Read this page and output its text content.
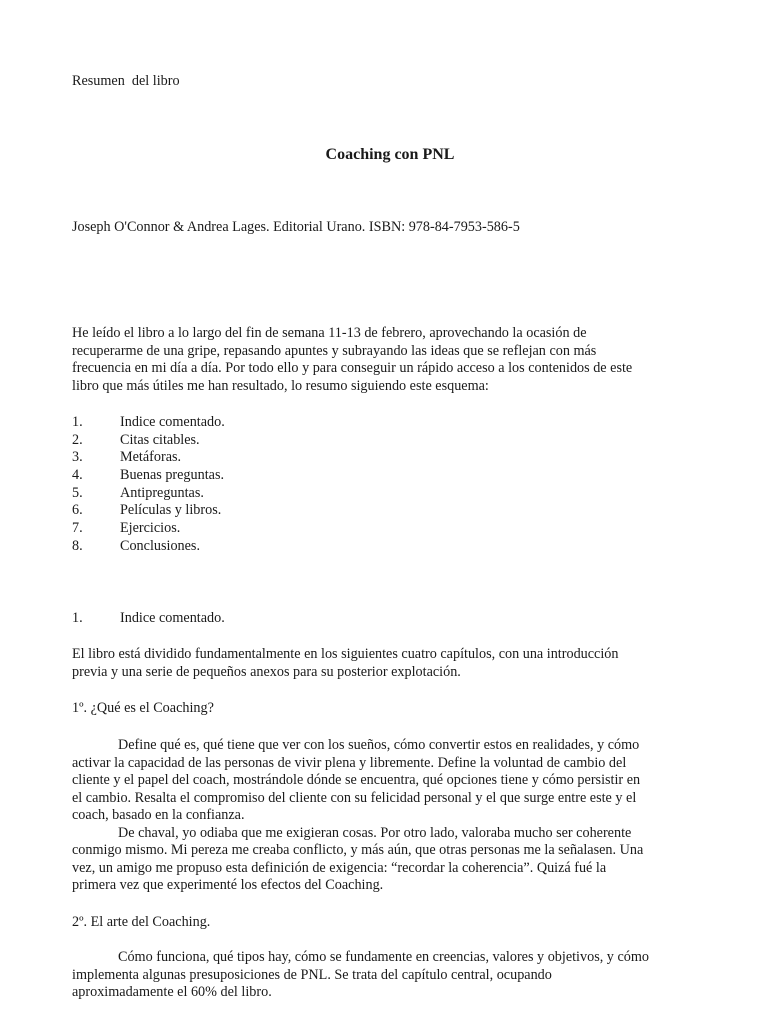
Resumen  del libro
Coaching con PNL
Joseph O'Connor & Andrea Lages. Editorial Urano. ISBN: 978-84-7953-586-5
He leído el libro a lo largo del fin de semana 11-13 de febrero, aprovechando la ocasión de
recuperarme de una gripe, repasando apuntes y subrayando las ideas que se reflejan con más
frecuencia en mi día a día. Por todo ello y para conseguir un rápido acceso a los contenidos de este
libro que más útiles me han resultado, lo resumo siguiendo este esquema:
1.	Indice comentado.
2.	Citas citables.
3.	Metáforas.
4.	Buenas preguntas.
5.	Antipreguntas.
6.	Películas y libros.
7.	Ejercicios.
8.	Conclusiones.
1.	Indice comentado.
El libro está dividido fundamentalmente en los siguientes cuatro capítulos, con una introducción
previa y una serie de pequeños anexos para su posterior explotación.
1º. ¿Qué es el Coaching?
Define qué es, qué tiene que ver con los sueños, cómo convertir estos en realidades, y cómo
activar la capacidad de las personas de vivir plena y libremente. Define la voluntad de cambio del
cliente y el papel del coach, mostrándole dónde se encuentra, qué opciones tiene y cómo persistir en
el cambio. Resalta el compromiso del cliente con su felicidad personal y el que surge entre este y el
coach, basado en la confianza.
De chaval, yo odiaba que me exigieran cosas. Por otro lado, valoraba mucho ser coherente
conmigo mismo. Mi pereza me creaba conflicto, y más aún, que otras personas me la señalasen. Una
vez, un amigo me propuso esta definición de exigencia: “recordar la coherencia”. Quizá fué la
primera vez que experimenté los efectos del Coaching.
2º. El arte del Coaching.
Cómo funciona, qué tipos hay, cómo se fundamente en creencias, valores y objetivos, y cómo
implementa algunas presuposiciones de PNL. Se trata del capítulo central, ocupando
aproximadamente el 60% del libro.
